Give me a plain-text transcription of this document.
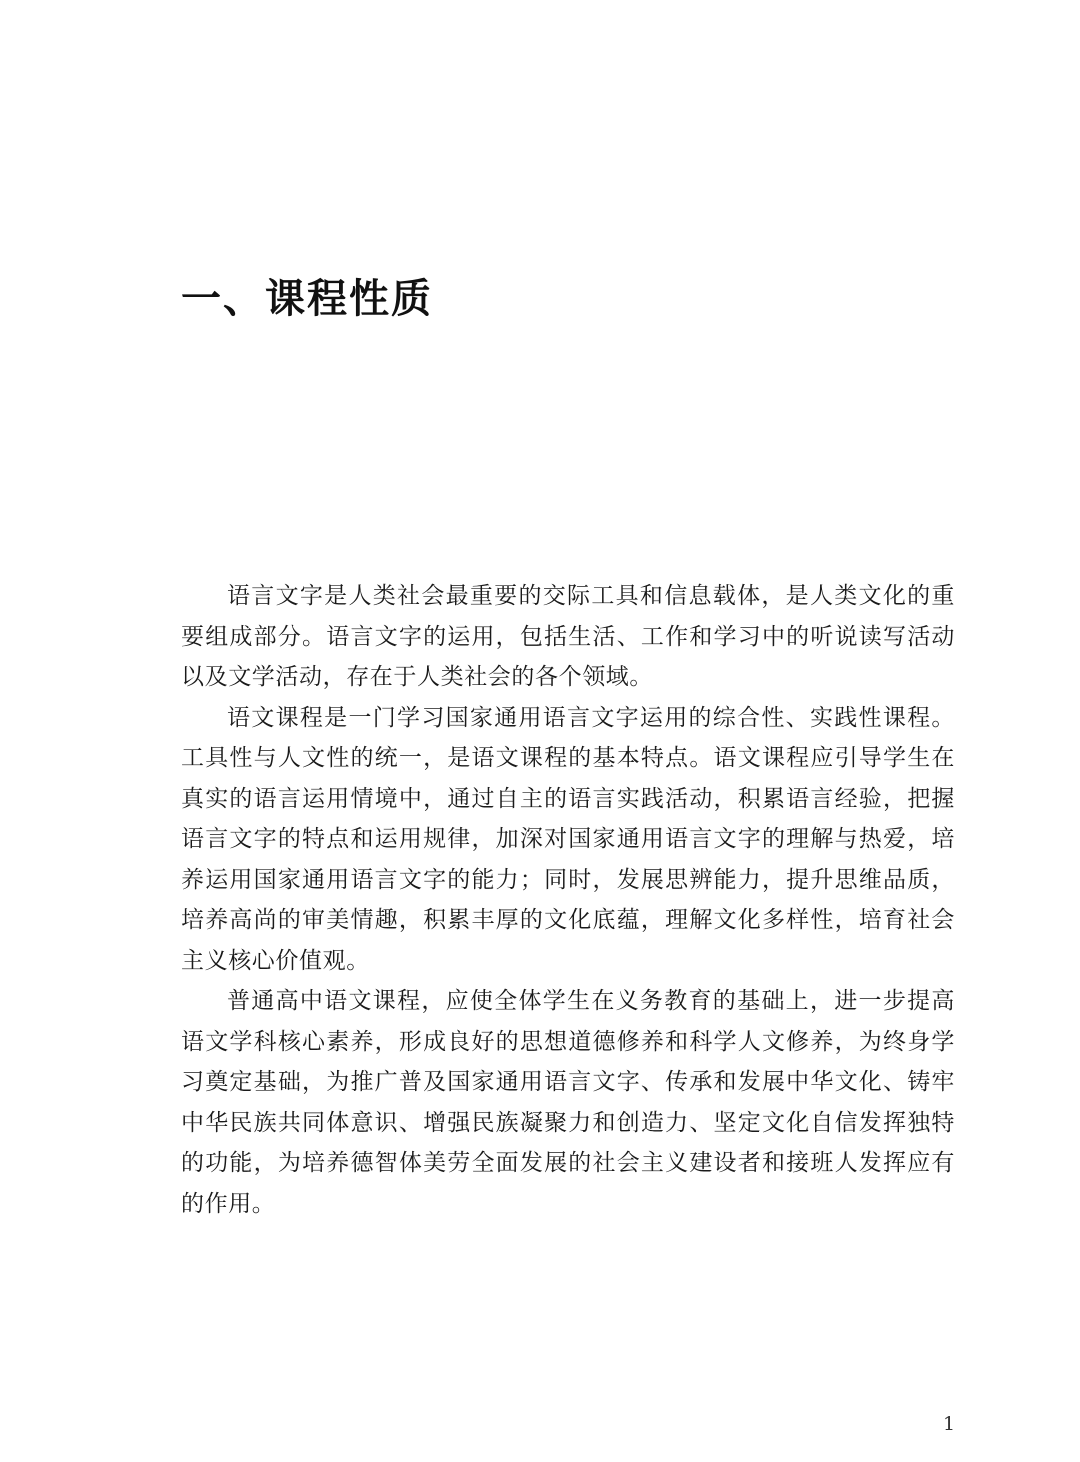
一、课程性质

语言文字是人类社会最重要的交际工具和信息载体，是人类文化的重要组成部分。语言文字的运用，包括生活、工作和学习中的听说读写活动以及文学活动，存在于人类社会的各个领域。

语文课程是一门学习国家通用语言文字运用的综合性、实践性课程。工具性与人文性的统一，是语文课程的基本特点。语文课程应引导学生在真实的语言运用情境中，通过自主的语言实践活动，积累语言经验，把握语言文字的特点和运用规律，加深对国家通用语言文字的理解与热爱，培养运用国家通用语言文字的能力；同时，发展思辨能力，提升思维品质，培养高尚的审美情趣，积累丰厚的文化底蕴，理解文化多样性，培育社会主义核心价值观。

普通高中语文课程，应使全体学生在义务教育的基础上，进一步提高语文学科核心素养，形成良好的思想道德修养和科学人文修养，为终身学习奠定基础，为推广普及国家通用语言文字、传承和发展中华文化、铸牢中华民族共同体意识、增强民族凝聚力和创造力、坚定文化自信发挥独特的功能，为培养德智体美劳全面发展的社会主义建设者和接班人发挥应有的作用。

1
